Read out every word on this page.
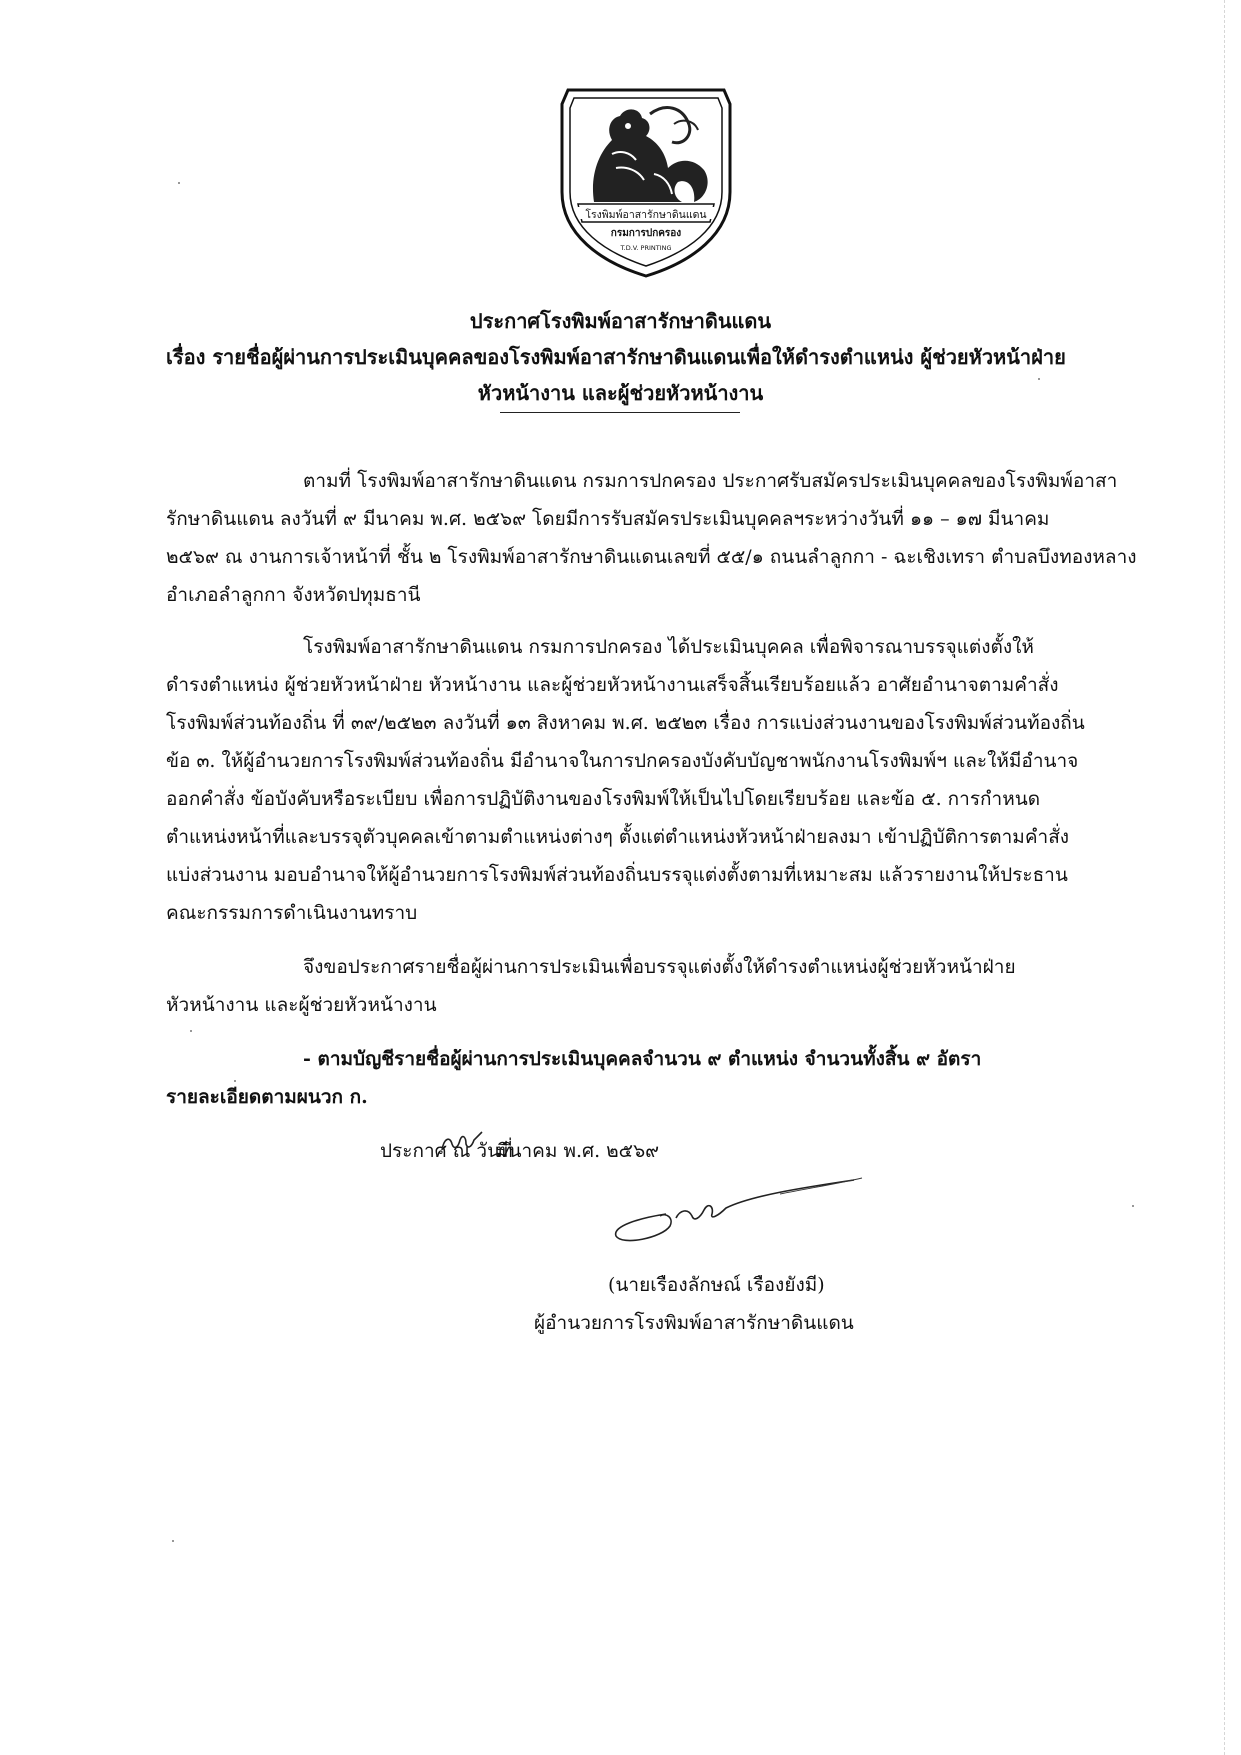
โรงพิมพ์อาสารักษาดินแดน
กรมการปกครอง
T.D.V. PRINTING
ประกาศโรงพิมพ์อาสารักษาดินแดน
เรื่อง รายชื่อผู้ผ่านการประเมินบุคคลของโรงพิมพ์อาสารักษาดินแดนเพื่อให้ดำรงตำแหน่ง ผู้ช่วยหัวหน้าฝ่าย
หัวหน้างาน และผู้ช่วยหัวหน้างาน
ตามที่ โรงพิมพ์อาสารักษาดินแดน กรมการปกครอง ประกาศรับสมัครประเมินบุคคลของโรงพิมพ์อาสา
รักษาดินแดน ลงวันที่ ๙ มีนาคม พ.ศ. ๒๕๖๙ โดยมีการรับสมัครประเมินบุคคลฯระหว่างวันที่ ๑๑ – ๑๗ มีนาคม
๒๕๖๙ ณ งานการเจ้าหน้าที่ ชั้น ๒ โรงพิมพ์อาสารักษาดินแดนเลขที่ ๕๕/๑ ถนนลำลูกกา - ฉะเชิงเทรา ตำบลบึงทองหลาง
อำเภอลำลูกกา จังหวัดปทุมธานี
โรงพิมพ์อาสารักษาดินแดน กรมการปกครอง ได้ประเมินบุคคล เพื่อพิจารณาบรรจุแต่งตั้งให้
ดำรงตำแหน่ง ผู้ช่วยหัวหน้าฝ่าย หัวหน้างาน และผู้ช่วยหัวหน้างานเสร็จสิ้นเรียบร้อยแล้ว อาศัยอำนาจตามคำสั่ง
โรงพิมพ์ส่วนท้องถิ่น ที่ ๓๙/๒๕๒๓ ลงวันที่ ๑๓ สิงหาคม พ.ศ. ๒๕๒๓ เรื่อง การแบ่งส่วนงานของโรงพิมพ์ส่วนท้องถิ่น
ข้อ ๓. ให้ผู้อำนวยการโรงพิมพ์ส่วนท้องถิ่น มีอำนาจในการปกครองบังคับบัญชาพนักงานโรงพิมพ์ฯ และให้มีอำนาจ
ออกคำสั่ง ข้อบังคับหรือระเบียบ เพื่อการปฏิบัติงานของโรงพิมพ์ให้เป็นไปโดยเรียบร้อย และข้อ ๕. การกำหนด
ตำแหน่งหน้าที่และบรรจุตัวบุคคลเข้าตามตำแหน่งต่างๆ ตั้งแต่ตำแหน่งหัวหน้าฝ่ายลงมา เข้าปฏิบัติการตามคำสั่ง
แบ่งส่วนงาน มอบอำนาจให้ผู้อำนวยการโรงพิมพ์ส่วนท้องถิ่นบรรจุแต่งตั้งตามที่เหมาะสม แล้วรายงานให้ประธาน
คณะกรรมการดำเนินงานทราบ
จึงขอประกาศรายชื่อผู้ผ่านการประเมินเพื่อบรรจุแต่งตั้งให้ดำรงตำแหน่งผู้ช่วยหัวหน้าฝ่าย
หัวหน้างาน และผู้ช่วยหัวหน้างาน
- ตามบัญชีรายชื่อผู้ผ่านการประเมินบุคคลจำนวน ๙ ตำแหน่ง จำนวนทั้งสิ้น ๙ อัตรา
รายละเอียดตามผนวก ก.
ประกาศ ณ วันที่
๒๗
มีนาคม พ.ศ. ๒๕๖๙
(นายเรืองลักษณ์ เรืองยังมี)
ผู้อำนวยการโรงพิมพ์อาสารักษาดินแดน
